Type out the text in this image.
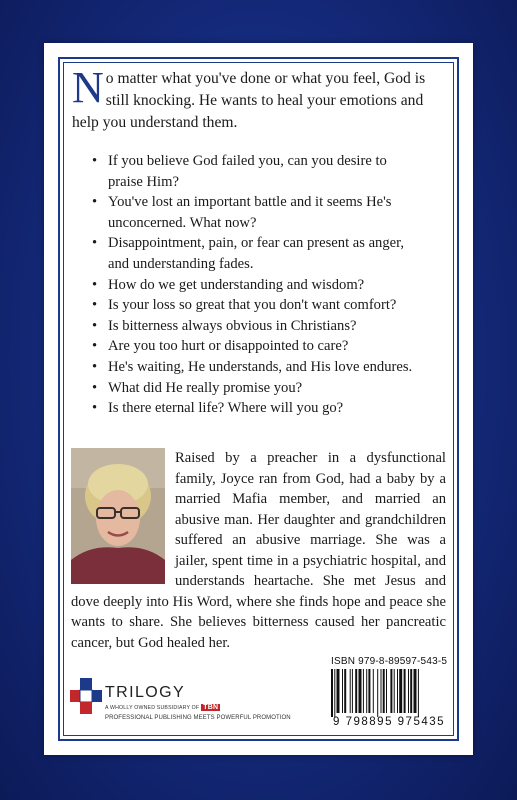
No matter what you've done or what you feel, God is still knocking. He wants to heal your emotions and help you understand them.

• If you believe God failed you, can you desire to praise Him?
• You've lost an important battle and it seems He's unconcerned. What now?
• Disappointment, pain, or fear can present as anger, and understanding fades.
• How do we get understanding and wisdom?
• Is your loss so great that you don't want comfort?
• Is bitterness always obvious in Christians?
• Are you too hurt or disappointed to care?
• He's waiting, He understands, and His love endures.
• What did He really promise you?
• Is there eternal life? Where will you go?

Raised by a preacher in a dysfunctional family, Joyce ran from God, had a baby by a married Mafia member, and married an abusive man. Her daughter and grandchildren suffered an abusive marriage. She was a jailer, spent time in a psychiatric hospital, and understands heartache. She met Jesus and dove deeply into His Word, where she finds hope and peace she wants to share. She believes bitterness caused her pancreatic cancer, but God healed her.

TRILOGY
A WHOLLY OWNED SUBSIDIARY OF TBN
PROFESSIONAL PUBLISHING MEETS POWERFUL PROMOTION
ISBN 979-8-89597-543-5
9 798895 975435
